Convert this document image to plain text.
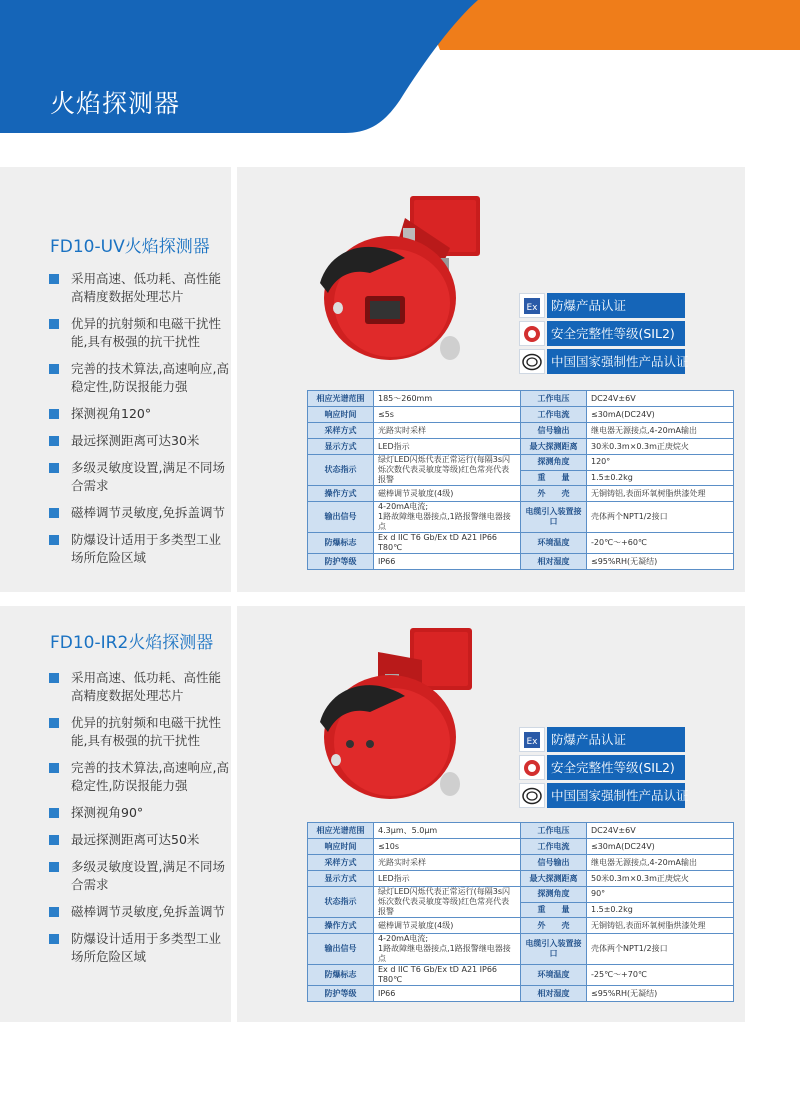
火焰探测器
FD10-UV火焰探测器
采用高速、低功耗、高性能高精度数据处理芯片
优异的抗射频和电磁干扰性能,具有极强的抗干扰性
完善的技术算法,高速响应,高稳定性,防误报能力强
探测视角120°
最远探测距离可达30米
多级灵敏度设置,满足不同场合需求
磁棒调节灵敏度,免拆盖调节
防爆设计适用于多类型工业场所危险区域
Ex	防爆产品认证
安全完整性等级(SIL2)
中国国家强制性产品认证
相应光谱范围	185～260mm	工作电压	DC24V±6V
响应时间	≤5s	工作电流	≤30mA(DC24V)
采样方式	光路实时采样	信号输出	继电器无源接点,4-20mA输出
显示方式	LED指示	最大探测距离	30米0.3m×0.3m正庚烷火
状态指示	绿灯LED闪烁代表正常运行(每隔3s闪烁次数代表灵敏度等级)红色常亮代表报警	探测角度	120°
		重　　量	1.5±0.2kg
操作方式	磁棒调节灵敏度(4级)	外　　壳	无铜铸铝,表面环氧树脂烘漆处理
输出信号	4-20mA电流;
1路故障继电器接点,1路报警继电器接点	电缆引入装置接口	壳体两个NPT1/2接口
防爆标志	Ex d IIC T6 Gb/Ex tD A21 IP66 T80℃	环境温度	-20℃～+60℃
防护等级	IP66	相对湿度	≤95%RH(无凝结)
FD10-IR2火焰探测器
采用高速、低功耗、高性能高精度数据处理芯片
优异的抗射频和电磁干扰性能,具有极强的抗干扰性
完善的技术算法,高速响应,高稳定性,防误报能力强
探测视角90°
最远探测距离可达50米
多级灵敏度设置,满足不同场合需求
磁棒调节灵敏度,免拆盖调节
防爆设计适用于多类型工业场所危险区域
Ex	防爆产品认证
安全完整性等级(SIL2)
中国国家强制性产品认证
相应光谱范围	4.3μm、5.0μm	工作电压	DC24V±6V
响应时间	≤10s	工作电流	≤30mA(DC24V)
采样方式	光路实时采样	信号输出	继电器无源接点,4-20mA输出
显示方式	LED指示	最大探测距离	50米0.3m×0.3m正庚烷火
状态指示	绿灯LED闪烁代表正常运行(每隔3s闪烁次数代表灵敏度等级)红色常亮代表报警	探测角度	90°
		重　　量	1.5±0.2kg
操作方式	磁棒调节灵敏度(4级)	外　　壳	无铜铸铝,表面环氧树脂烘漆处理
输出信号	4-20mA电流;
1路故障继电器接点,1路报警继电器接点	电缆引入装置接口	壳体两个NPT1/2接口
防爆标志	Ex d IIC T6 Gb/Ex tD A21 IP66 T80℃	环境温度	-25℃～+70℃
防护等级	IP66	相对湿度	≤95%RH(无凝结)
